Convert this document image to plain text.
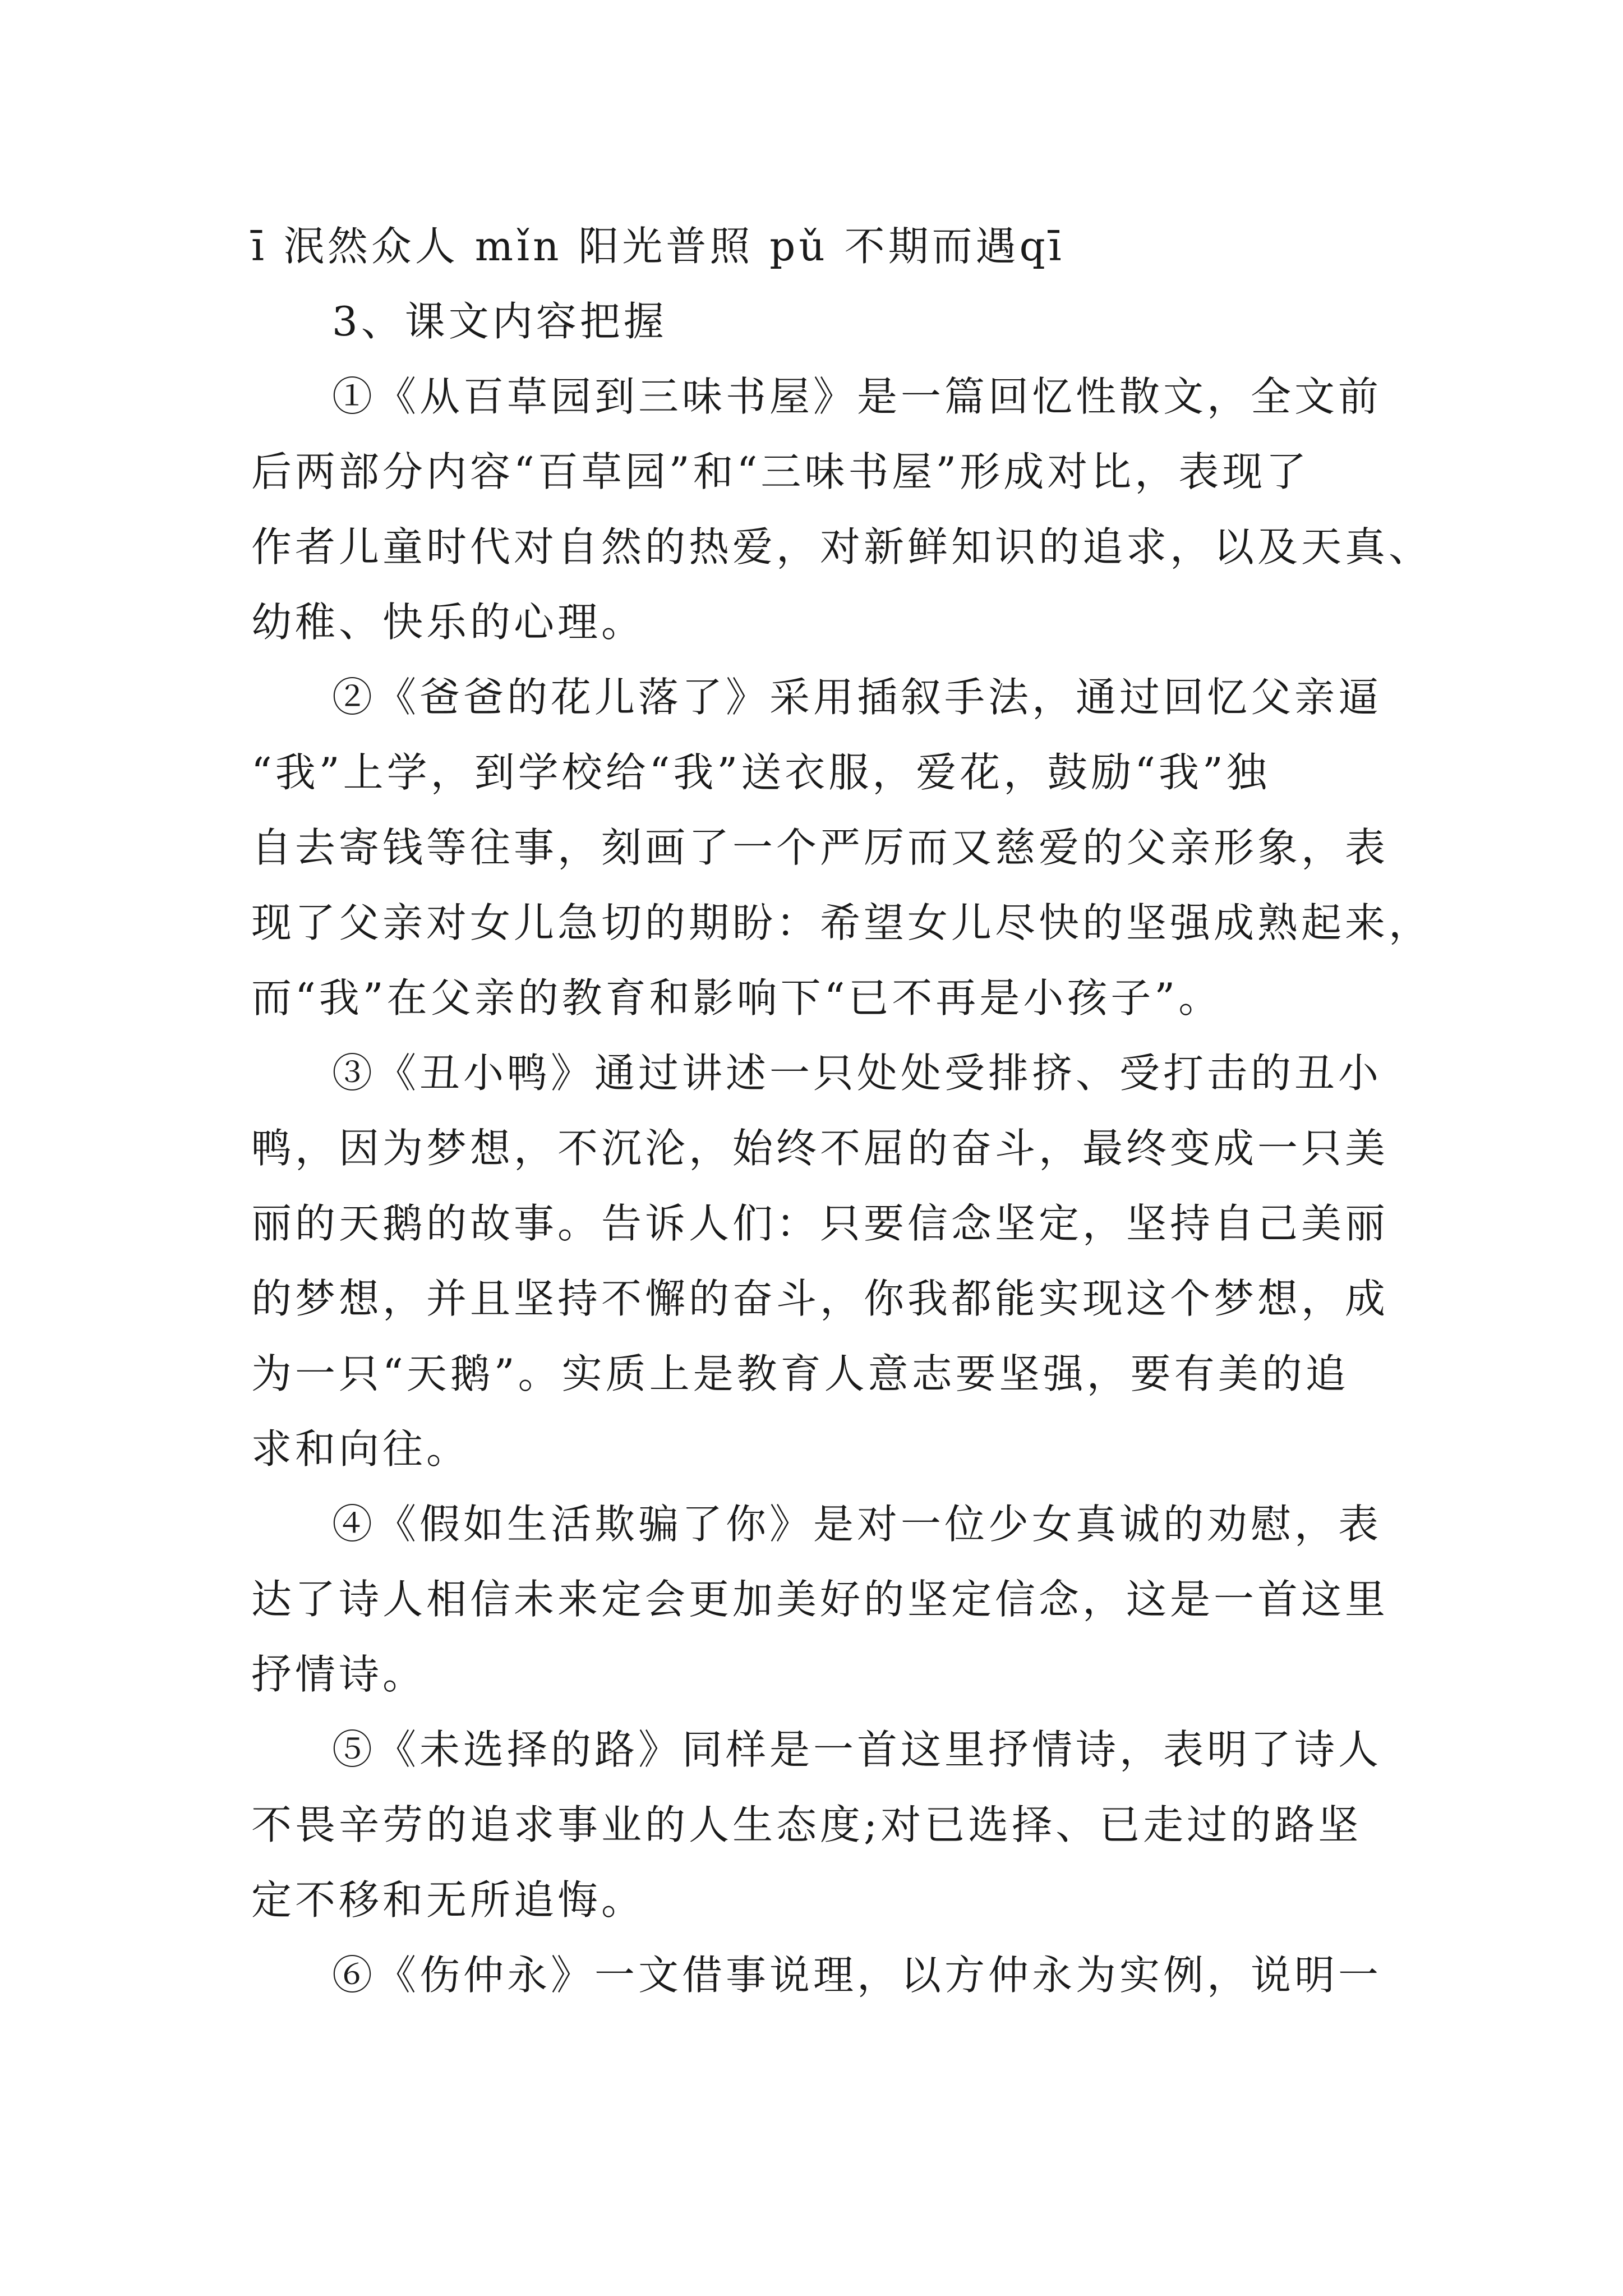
ī 泯然众人 mǐn 阳光普照 pǔ 不期而遇qī
3、课文内容把握
①《从百草园到三味书屋》是一篇回忆性散文，全文前
后两部分内容“百草园”和“三味书屋”形成对比，表现了
作者儿童时代对自然的热爱，对新鲜知识的追求，以及天真、
幼稚、快乐的心理。
②《爸爸的花儿落了》采用插叙手法，通过回忆父亲逼
“我”上学，到学校给“我”送衣服，爱花，鼓励“我”独
自去寄钱等往事，刻画了一个严厉而又慈爱的父亲形象，表
现了父亲对女儿急切的期盼：希望女儿尽快的坚强成熟起来，
而“我”在父亲的教育和影响下“已不再是小孩子”。
③《丑小鸭》通过讲述一只处处受排挤、受打击的丑小
鸭，因为梦想，不沉沦，始终不屈的奋斗，最终变成一只美
丽的天鹅的故事。告诉人们：只要信念坚定，坚持自己美丽
的梦想，并且坚持不懈的奋斗，你我都能实现这个梦想，成
为一只“天鹅”。实质上是教育人意志要坚强，要有美的追
求和向往。
④《假如生活欺骗了你》是对一位少女真诚的劝慰，表
达了诗人相信未来定会更加美好的坚定信念，这是一首这里
抒情诗。
⑤《未选择的路》同样是一首这里抒情诗，表明了诗人
不畏辛劳的追求事业的人生态度;对已选择、已走过的路坚
定不移和无所追悔。
⑥《伤仲永》一文借事说理，以方仲永为实例，说明一
